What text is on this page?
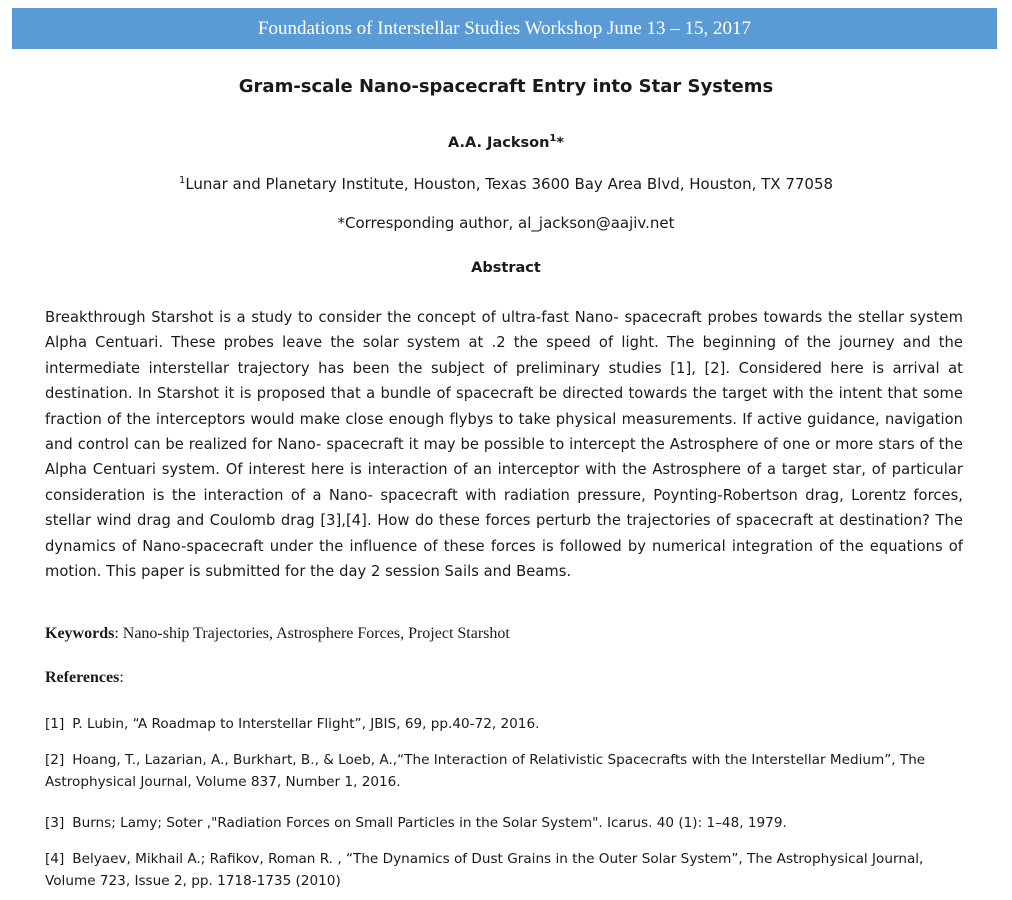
Foundations of Interstellar Studies Workshop June 13 – 15, 2017
Gram-scale Nano-spacecraft Entry into Star Systems
A.A. Jackson$^1$*
$^1$Lunar and Planetary Institute, Houston, Texas 3600 Bay Area Blvd, Houston, TX 77058
*Corresponding author, al_jackson@aajiv.net
Abstract

Breakthrough Starshot is a study to consider the concept of ultra-fast Nano- spacecraft probes towards the stellar system Alpha Centuari. These probes leave the solar system at .2 the speed of light. The beginning of the journey and the intermediate interstellar trajectory has been the subject of preliminary studies [1], [2]. Considered here is arrival at destination. In Starshot it is proposed that a bundle of spacecraft be directed towards the target with the intent that some fraction of the interceptors would make close enough flybys to take physical measurements. If active guidance, navigation and control can be realized for Nano- spacecraft it may be possible to intercept the Astrosphere of one or more stars of the Alpha Centuari system. Of interest here is interaction of an interceptor with the Astrosphere of a target star, of particular consideration is the interaction of a Nano- spacecraft with radiation pressure, Poynting-Robertson drag, Lorentz forces, stellar wind drag and Coulomb drag [3],[4]. How do these forces perturb the trajectories of spacecraft at destination? The dynamics of Nano-spacecraft under the influence of these forces is followed by numerical integration of the equations of motion. This paper is submitted for the day 2 session Sails and Beams.

Keywords: Nano-ship Trajectories, Astrosphere Forces, Project Starshot
References:

[1] P. Lubin, “A Roadmap to Interstellar Flight”, JBIS, 69, pp.40-72, 2016.

[2] Hoang, T., Lazarian, A., Burkhart, B., & Loeb, A.,“The Interaction of Relativistic Spacecrafts with the Interstellar Medium”, The Astrophysical Journal, Volume 837, Number 1, 2016.

[3] Burns; Lamy; Soter ,"Radiation Forces on Small Particles in the Solar System". Icarus. 40 (1): 1–48, 1979.

[4] Belyaev, Mikhail A.; Rafikov, Roman R. , “The Dynamics of Dust Grains in the Outer Solar System”, The Astrophysical Journal, Volume 723, Issue 2, pp. 1718-1735 (2010)
